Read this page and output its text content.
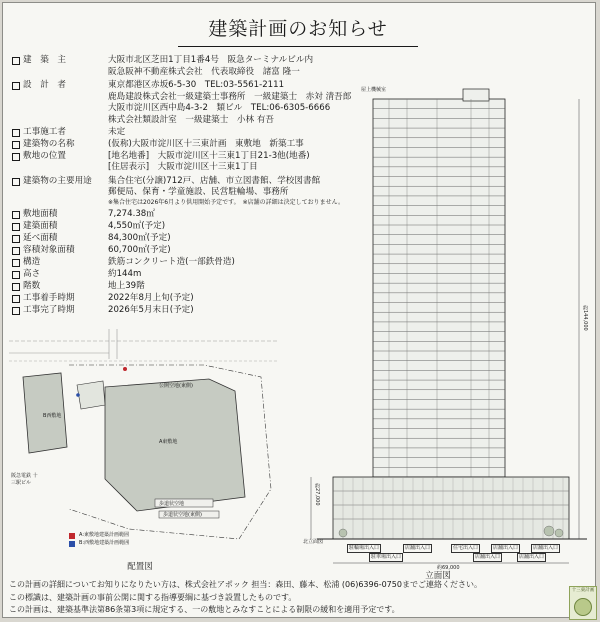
建築計画のお知らせ
建　築　主	大阪市北区芝田1丁目1番4号　阪急ターミナルビル内
阪急阪神不動産株式会社　代表取締役　諸富 隆一
設　計　者	東京都港区赤坂6-5-30　TEL:03-5561-2111
鹿島建設株式会社一級建築士事務所　一級建築士　赤対 清吾郎
大阪市淀川区西中島4-3-2　類ビル　TEL:06-6305-6666
株式会社類設計室　一級建築士　小林 有吾
工事施工者	未定
建築物の名称	(仮称)大阪市淀川区十三東計画　東敷地　新築工事
敷地の位置	[地名地番]　大阪市淀川区十三東1丁目21-3他(地番)
[住居表示]　大阪市淀川区十三東1丁目
建築物の主要用途	集合住宅(分譲)712戸、店舗、市立図書館、学校図書館
郵便局、保育・学童施設、民営駐輪場、事務所
※集合住宅は2026年6月より供用開始予定です。　※店舗の詳細は決定しておりません。
敷地面積	7,274.38㎡
建築面積	4,550㎡(予定)
延べ面積	84,300㎡(予定)
容積対象面積	60,700㎡(予定)
構造	鉄筋コンクリート造(一部鉄骨造)
高さ	約144m
階数	地上39階
工事着手時期	2022年8月上旬(予定)
工事完了時期	2026年5月末日(予定)
B西敷地
A東敷地
公開空地(東側)
阪急電鉄 十三駅ビル
歩道状空地
歩道状空地(東側)
A:東敷地建築計画範囲
B:西敷地建築計画範囲
配置図
屋上機械室
約144,000
約27,000
約69,000
北立面図
駐輪場出入口	店舗出入口	住宅出入口	店舗出入口	店舗出入口
駐車場出入口	店舗出入口	店舗出入口
立面図
この計画の詳細についてお知りになりたい方は、株式会社アポック 担当：森田、藤本、松浦 (06)6396-0750までご連絡ください。
この標識は、建築計画の事前公開に関する指導要綱に基づき設置したものです。
この計画は、建築基準法第86条第3項に規定する、一の敷地とみなすことによる制限の緩和を適用予定です。
十三東計画
